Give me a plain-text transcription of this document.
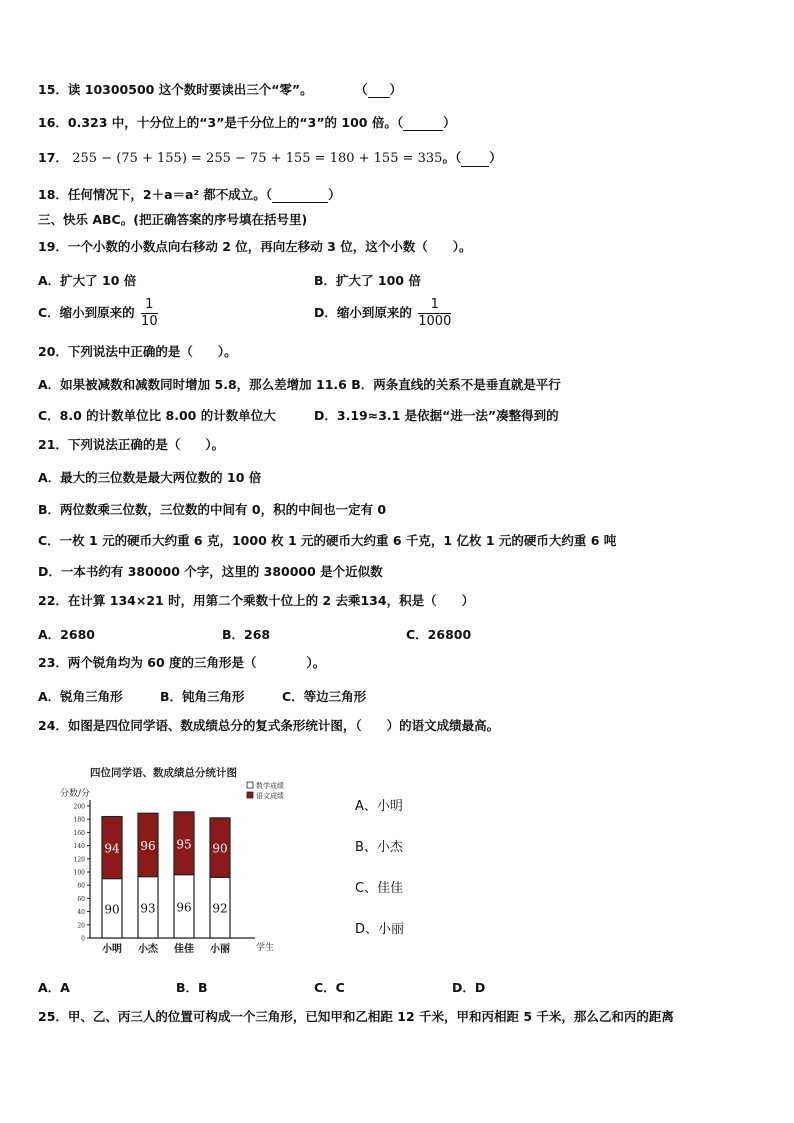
15．读 10300500 这个数时要读出三个“零”。	（ ）
16．0.323 中，十分位上的“3”是千分位上的“3”的 100 倍。（	）
17． 255 − (75 + 155) = 255 − 75 + 155 = 180 + 155 = 335。（ ）
18．任何情况下，2＋a＝a² 都不成立。（	）
三、快乐 ABC。(把正确答案的序号填在括号里)
19．一个小数的小数点向右移动 2 位，再向左移动 3 位，这个小数（　　）。
A．扩大了 10 倍	B．扩大了 100 倍
C．缩小到原来的 $\frac{1}{10}$	D．缩小到原来的 $\frac{1}{1000}$
20．下列说法中正确的是（　　）。
A．如果被减数和减数同时增加 5.8，那么差增加 11.6 B．两条直线的关系不是垂直就是平行
C．8.0 的计数单位比 8.00 的计数单位大	D．3.19≈3.1 是依据“进一法”凑整得到的
21．下列说法正确的是（　　）。
A．最大的三位数是最大两位数的 10 倍
B．两位数乘三位数，三位数的中间有 0，积的中间也一定有 0
C．一枚 1 元的硬币大约重 6 克，1000 枚 1 元的硬币大约重 6 千克，1 亿枚 1 元的硬币大约重 6 吨
D．一本书约有 380000 个字，这里的 380000 是个近似数
22．在计算 134×21 时，用第二个乘数十位上的 2 去乘134，积是（　　）
A．2680	B．268	C．26800
23．两个锐角均为 60 度的三角形是（　　　　）。
A．锐角三角形	B．钝角三角形	C．等边三角形
24．如图是四位同学语、数成绩总分的复式条形统计图，（　　）的语文成绩最高。
四位同学语、数成绩总分统计图
分数/分
学生
0
20
40
60
80
100
120
140
160
180
200
数学成绩
语文成绩
90
94
小明
93
96
小杰
96
95
佳佳
92
90
小丽
A、小明
B、小杰
C、佳佳
D、小丽
A．A	B．B	C．C	D．D
25．甲、乙、丙三人的位置可构成一个三角形，已知甲和乙相距 12 千米，甲和丙相距 5 千米，那么乙和丙的距离
